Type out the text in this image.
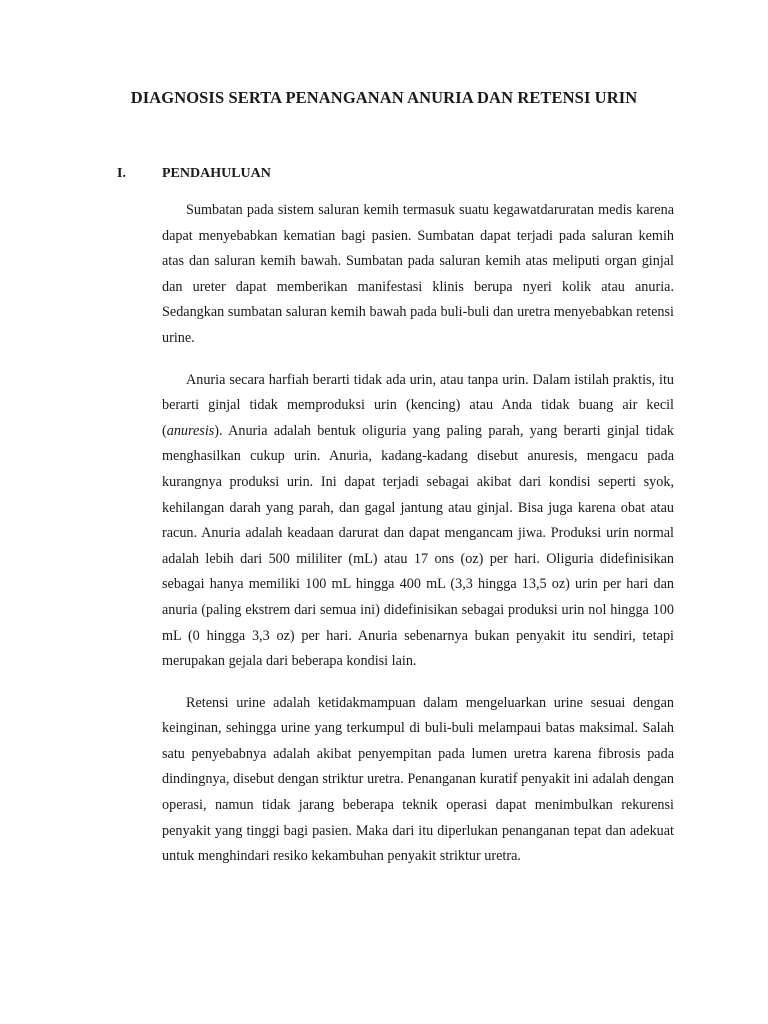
DIAGNOSIS SERTA PENANGANAN ANURIA DAN RETENSI URIN
I.	PENDAHULUAN

Sumbatan pada sistem saluran kemih termasuk suatu kegawatdaruratan medis karena dapat menyebabkan kematian bagi pasien. Sumbatan dapat terjadi pada saluran kemih atas dan saluran kemih bawah. Sumbatan pada saluran kemih atas meliputi organ ginjal dan ureter dapat memberikan manifestasi klinis berupa nyeri kolik atau anuria. Sedangkan sumbatan saluran kemih bawah pada buli-buli dan uretra menyebabkan retensi urine.

Anuria secara harfiah berarti tidak ada urin, atau tanpa urin. Dalam istilah praktis, itu berarti ginjal tidak memproduksi urin (kencing) atau Anda tidak buang air kecil (anuresis). Anuria adalah bentuk oliguria yang paling parah, yang berarti ginjal tidak menghasilkan cukup urin. Anuria, kadang-kadang disebut anuresis, mengacu pada kurangnya produksi urin. Ini dapat terjadi sebagai akibat dari kondisi seperti syok, kehilangan darah yang parah, dan gagal jantung atau ginjal. Bisa juga karena obat atau racun. Anuria adalah keadaan darurat dan dapat mengancam jiwa. Produksi urin normal adalah lebih dari 500 mililiter (mL) atau 17 ons (oz) per hari. Oliguria didefinisikan sebagai hanya memiliki 100 mL hingga 400 mL (3,3 hingga 13,5 oz) urin per hari dan anuria (paling ekstrem dari semua ini) didefinisikan sebagai produksi urin nol hingga 100 mL (0 hingga 3,3 oz) per hari. Anuria sebenarnya bukan penyakit itu sendiri, tetapi merupakan gejala dari beberapa kondisi lain.

Retensi urine adalah ketidakmampuan dalam mengeluarkan urine sesuai dengan keinginan, sehingga urine yang terkumpul di buli-buli melampaui batas maksimal. Salah satu penyebabnya adalah akibat penyempitan pada lumen uretra karena fibrosis pada dindingnya, disebut dengan striktur uretra. Penanganan kuratif penyakit ini adalah dengan operasi, namun tidak jarang beberapa teknik operasi dapat menimbulkan rekurensi penyakit yang tinggi bagi pasien. Maka dari itu diperlukan penanganan tepat dan adekuat untuk menghindari resiko kekambuhan penyakit striktur uretra.
